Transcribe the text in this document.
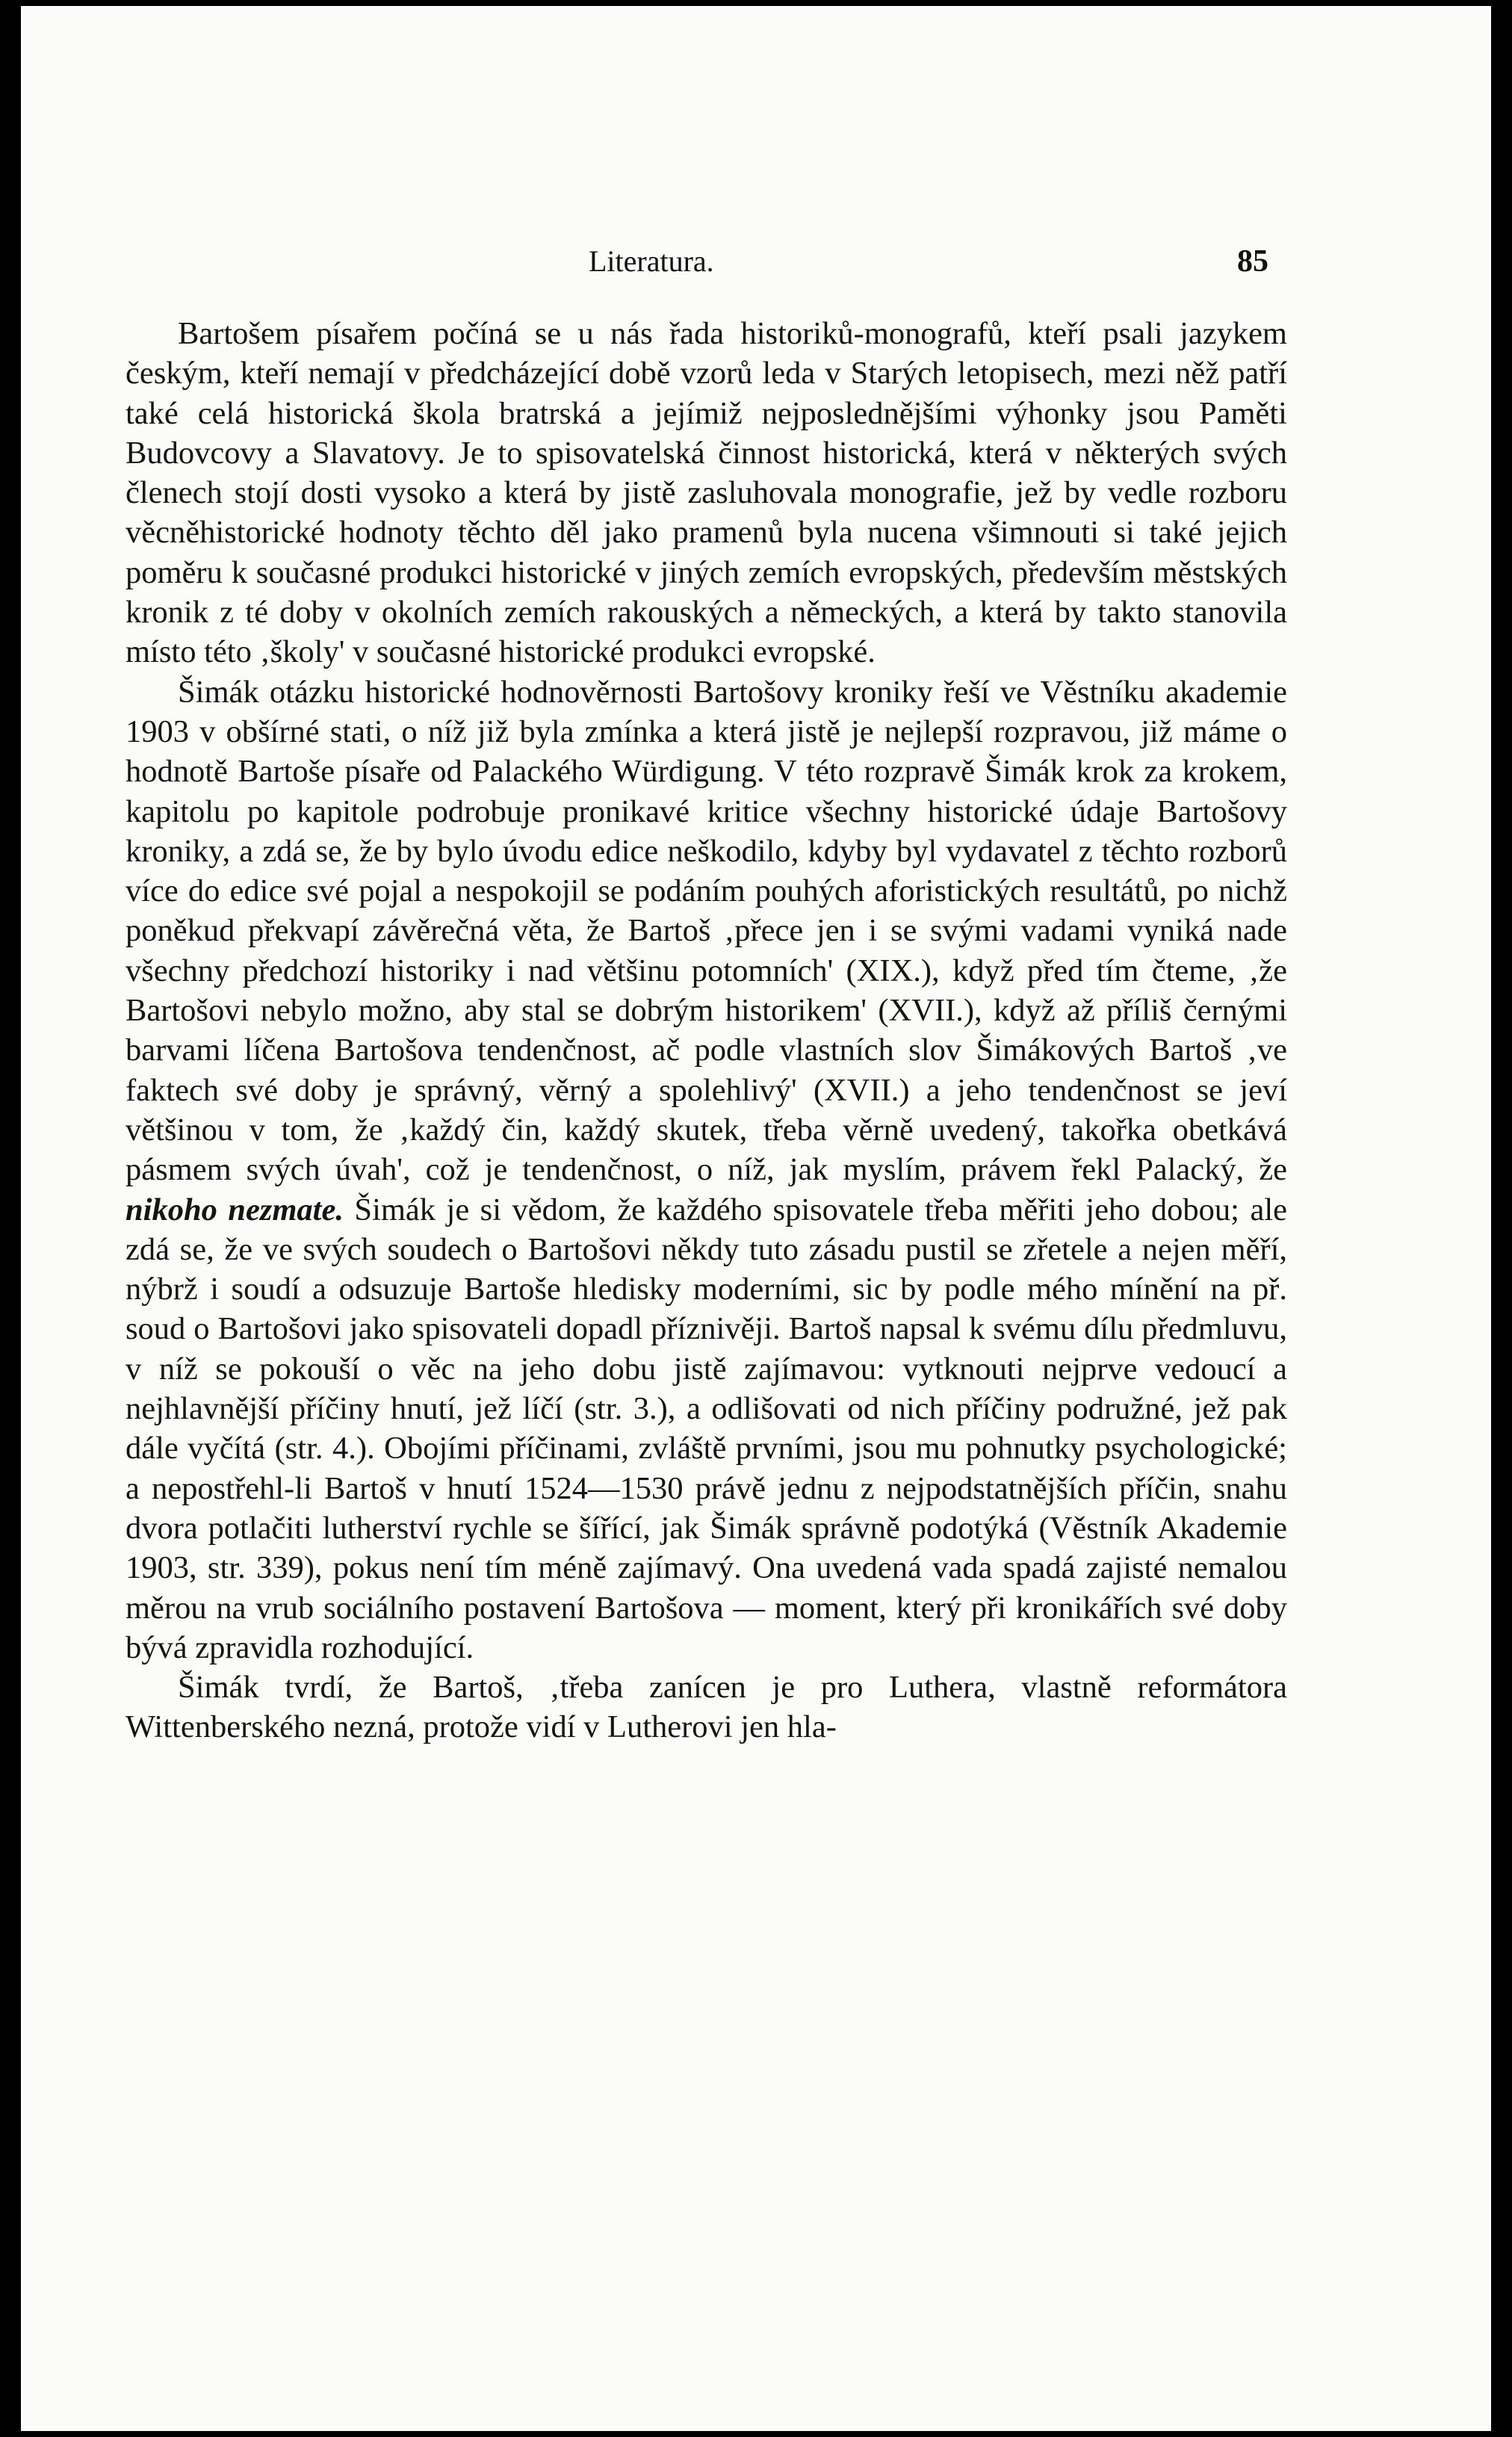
Literatura.	85

Bartošem písařem počíná se u nás řada historiků-monografů, kteří psali jazykem českým, kteří nemají v předcházející době vzorů leda v Starých letopisech, mezi něž patří také celá historická škola bratrská a jejímiž nejposlednějšími výhonky jsou Paměti Budovcovy a Slavatovy. Je to spisovatelská činnost historická, která v některých svých členech stojí dosti vysoko a která by jistě zasluhovala monografie, jež by vedle rozboru věcněhistorické hodnoty těchto děl jako pramenů byla nucena všimnouti si také jejich poměru k současné produkci historické v jiných zemích evropských, především městských kronik z té doby v okolních zemích rakouských a německých, a která by takto stanovila místo této ‚školy' v současné historické produkci evropské.

Šimák otázku historické hodnověrnosti Bartošovy kroniky řeší ve Věstníku akademie 1903 v obšírné stati, o níž již byla zmínka a která jistě je nejlepší rozpravou, již máme o hodnotě Bartoše písaře od Palackého Würdigung. V této rozpravě Šimák krok za krokem, kapitolu po kapitole podrobuje pronikavé kritice všechny historické údaje Bartošovy kroniky, a zdá se, že by bylo úvodu edice neškodilo, kdyby byl vydavatel z těchto rozborů více do edice své pojal a nespokojil se podáním pouhých aforistických resultátů, po nichž poněkud překvapí závěrečná věta, že Bartoš ‚přece jen i se svými vadami vyniká nade všechny předchozí historiky i nad většinu potomních' (XIX.), když před tím čteme, ‚že Bartošovi nebylo možno, aby stal se dobrým historikem' (XVII.), když až příliš černými barvami líčena Bartošova tendenčnost, ač podle vlastních slov Šimákových Bartoš ‚ve faktech své doby je správný, věrný a spolehlivý' (XVII.) a jeho tendenčnost se jeví většinou v tom, že ‚každý čin, každý skutek, třeba věrně uvedený, takořka obetkává pásmem svých úvah', což je tendenčnost, o níž, jak myslím, právem řekl Palacký, že nikoho nezmate. Šimák je si vědom, že každého spisovatele třeba měřiti jeho dobou; ale zdá se, že ve svých soudech o Bartošovi někdy tuto zásadu pustil se zřetele a nejen měří, nýbrž i soudí a odsuzuje Bartoše hledisky moderními, sic by podle mého mínění na př. soud o Bartošovi jako spisovateli dopadl příznivěji. Bartoš napsal k svému dílu předmluvu, v níž se pokouší o věc na jeho dobu jistě zajímavou: vytknouti nejprve vedoucí a nejhlavnější příčiny hnutí, jež líčí (str. 3.), a odlišovati od nich příčiny podružné, jež pak dále vyčítá (str. 4.). Obojími příčinami, zvláště prvními, jsou mu pohnutky psychologické; a nepostřehl-li Bartoš v hnutí 1524—1530 právě jednu z nejpodstatnějších příčin, snahu dvora potlačiti lutherství rychle se šířící, jak Šimák správně podotýká (Věstník Akademie 1903, str. 339), pokus není tím méně zajímavý. Ona uvedená vada spadá zajisté nemalou měrou na vrub sociálního postavení Bartošova — moment, který při kronikářích své doby bývá zpravidla rozhodující.

Šimák tvrdí, že Bartoš, ‚třeba zanícen je pro Luthera, vlastně reformátora Wittenberského nezná, protože vidí v Lutherovi jen hla-
